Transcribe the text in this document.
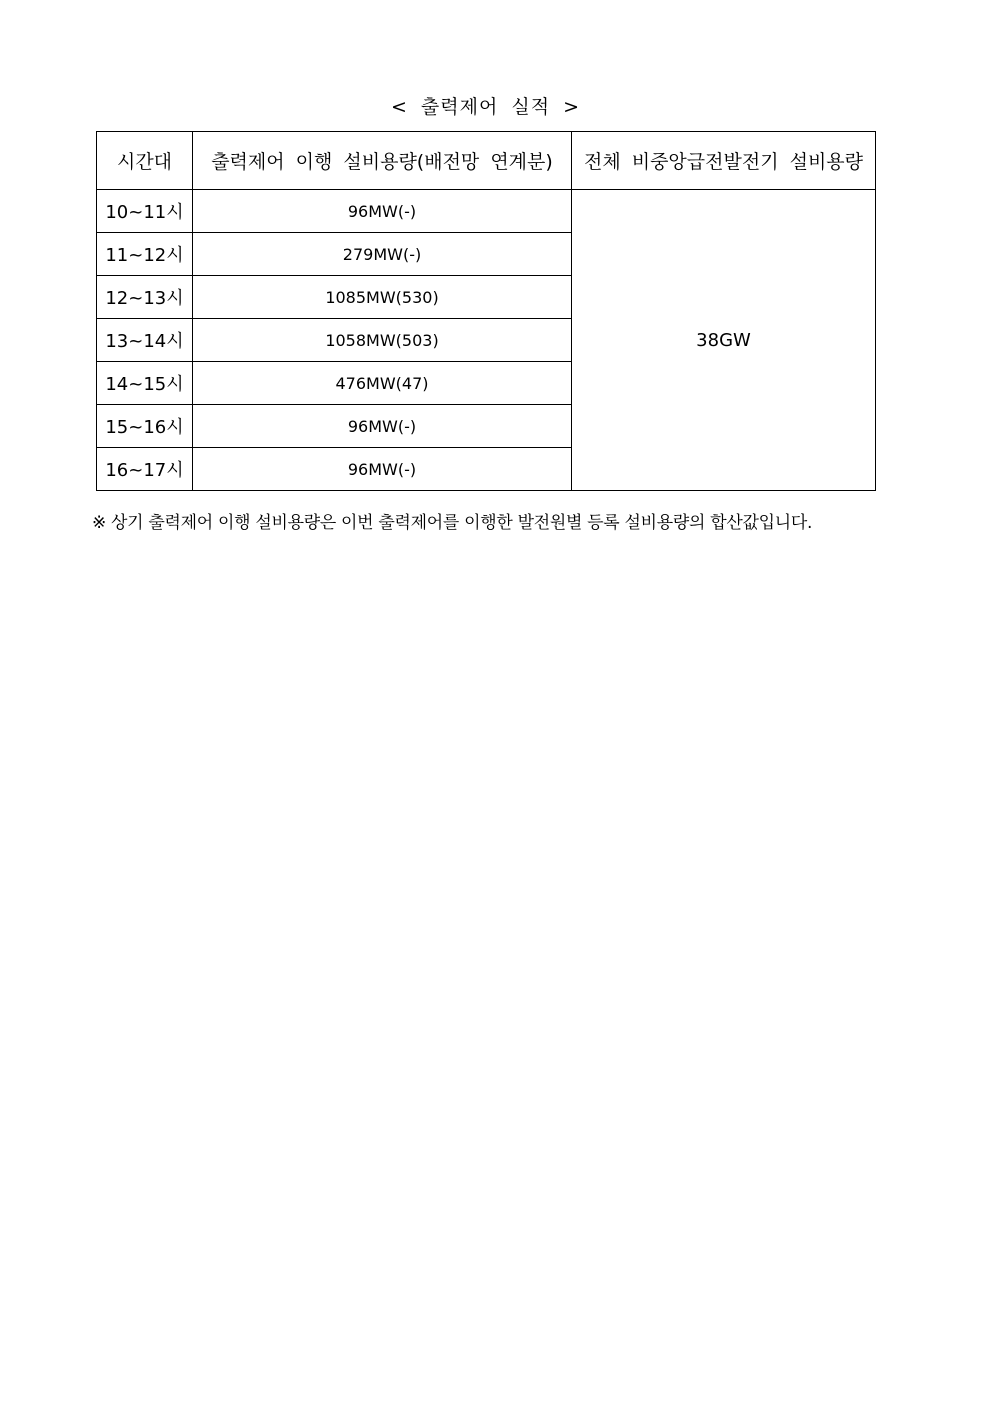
< 출력제어 실적 >
시간대	출력제어 이행 설비용량(배전망 연계분)	전체 비중앙급전발전기 설비용량
10~11시	96MW(-)	38GW
11~12시	279MW(-)	
12~13시	1085MW(530)	
13~14시	1058MW(503)	
14~15시	476MW(47)	
15~16시	96MW(-)	
16~17시	96MW(-)	
※ 상기 출력제어 이행 설비용량은 이번 출력제어를 이행한 발전원별 등록 설비용량의 합산값입니다.
